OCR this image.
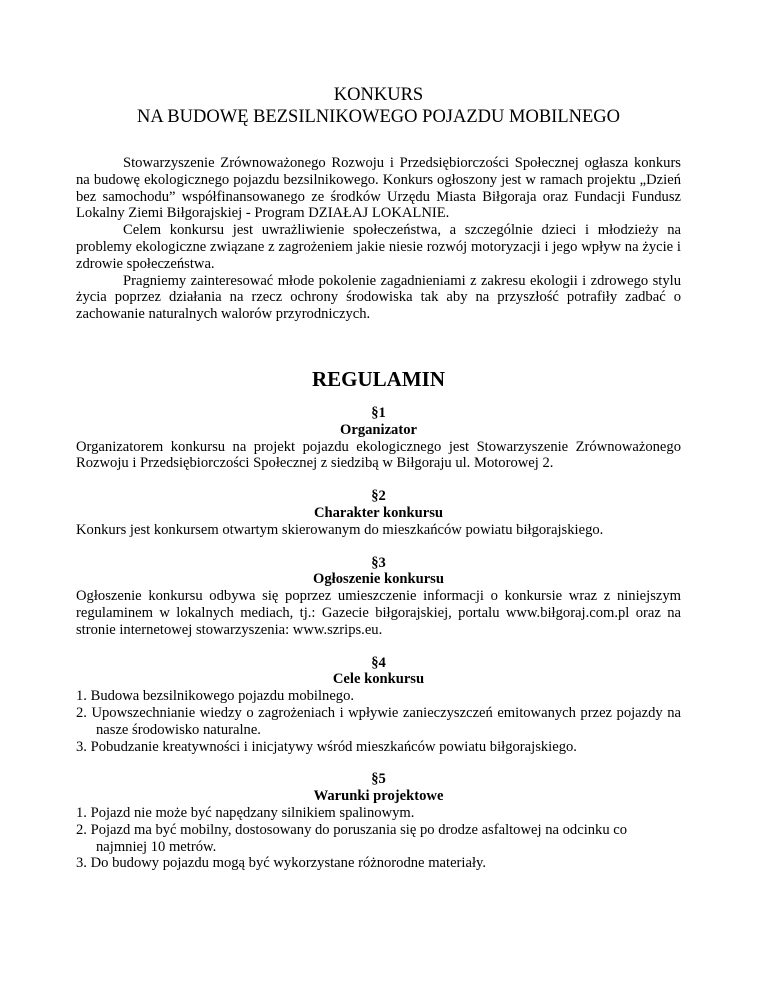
KONKURS
NA BUDOWĘ BEZSILNIKOWEGO POJAZDU MOBILNEGO

Stowarzyszenie Zrównoważonego Rozwoju i Przedsiębiorczości Społecznej ogłasza konkurs na budowę ekologicznego pojazdu bezsilnikowego. Konkurs ogłoszony jest w ramach projektu „Dzień bez samochodu” współfinansowanego ze środków Urzędu Miasta Biłgoraja oraz Fundacji Fundusz Lokalny Ziemi Biłgorajskiej - Program DZIAŁAJ LOKALNIE.

Celem konkursu jest uwrażliwienie społeczeństwa, a szczególnie dzieci i młodzieży na problemy ekologiczne związane z zagrożeniem jakie niesie rozwój motoryzacji i jego wpływ na życie i zdrowie społeczeństwa.

Pragniemy zainteresować młode pokolenie zagadnieniami z zakresu ekologii i zdrowego stylu życia poprzez działania na rzecz ochrony środowiska tak aby na przyszłość potrafiły zadbać o zachowanie naturalnych walorów przyrodniczych.

REGULAMIN
§1
Organizator
Organizatorem konkursu na projekt pojazdu ekologicznego jest Stowarzyszenie Zrównoważonego Rozwoju i Przedsiębiorczości Społecznej z siedzibą w Biłgoraju ul. Motorowej 2.
§2
Charakter konkursu
Konkurs jest konkursem otwartym skierowanym do mieszkańców powiatu biłgorajskiego.
§3
Ogłoszenie konkursu
Ogłoszenie konkursu odbywa się poprzez umieszczenie informacji o konkursie wraz z niniejszym regulaminem w lokalnych mediach, tj.: Gazecie biłgorajskiej, portalu www.biłgoraj.com.pl oraz na stronie internetowej stowarzyszenia: www.szrips.eu.
§4
Cele konkursu
1. Budowa bezsilnikowego pojazdu mobilnego.
2. Upowszechnianie wiedzy o zagrożeniach i wpływie zanieczyszczeń emitowanych przez pojazdy na nasze środowisko naturalne.
3. Pobudzanie kreatywności i inicjatywy wśród mieszkańców powiatu biłgorajskiego.
§5
Warunki projektowe
1. Pojazd nie może być napędzany silnikiem spalinowym.
2. Pojazd ma być mobilny, dostosowany do poruszania się po drodze asfaltowej na odcinku co najmniej 10 metrów.
3. Do budowy pojazdu mogą być wykorzystane różnorodne materiały.
